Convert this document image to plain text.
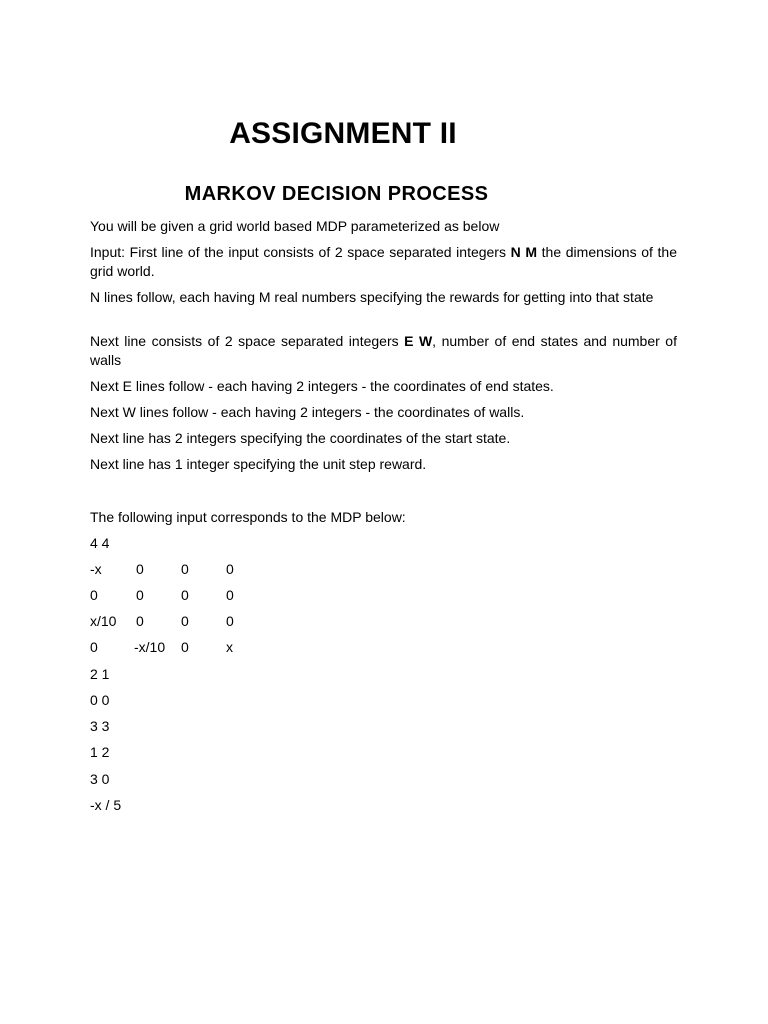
ASSIGNMENT II
MARKOV DECISION PROCESS

You will be given a grid world based MDP parameterized as below

Input: First line of the input consists of 2 space separated integers N M the dimensions of the grid world.

N lines follow, each having M real numbers specifying the rewards for getting into that state

Next line consists of 2 space separated integers E W, number of end states and number of walls

Next E lines follow - each having 2 integers - the coordinates of end states.

Next W lines follow - each having 2 integers - the coordinates of walls.

Next line has 2 integers specifying the coordinates of the start state.

Next line has 1 integer specifying the unit step reward.

The following input corresponds to the MDP below:

4 4

-x 0	0	0
0	0	0	0
x/10 0	0	0
0	-x/10 0	x

2 1

0 0

3 3

1 2

3 0

-x / 5
